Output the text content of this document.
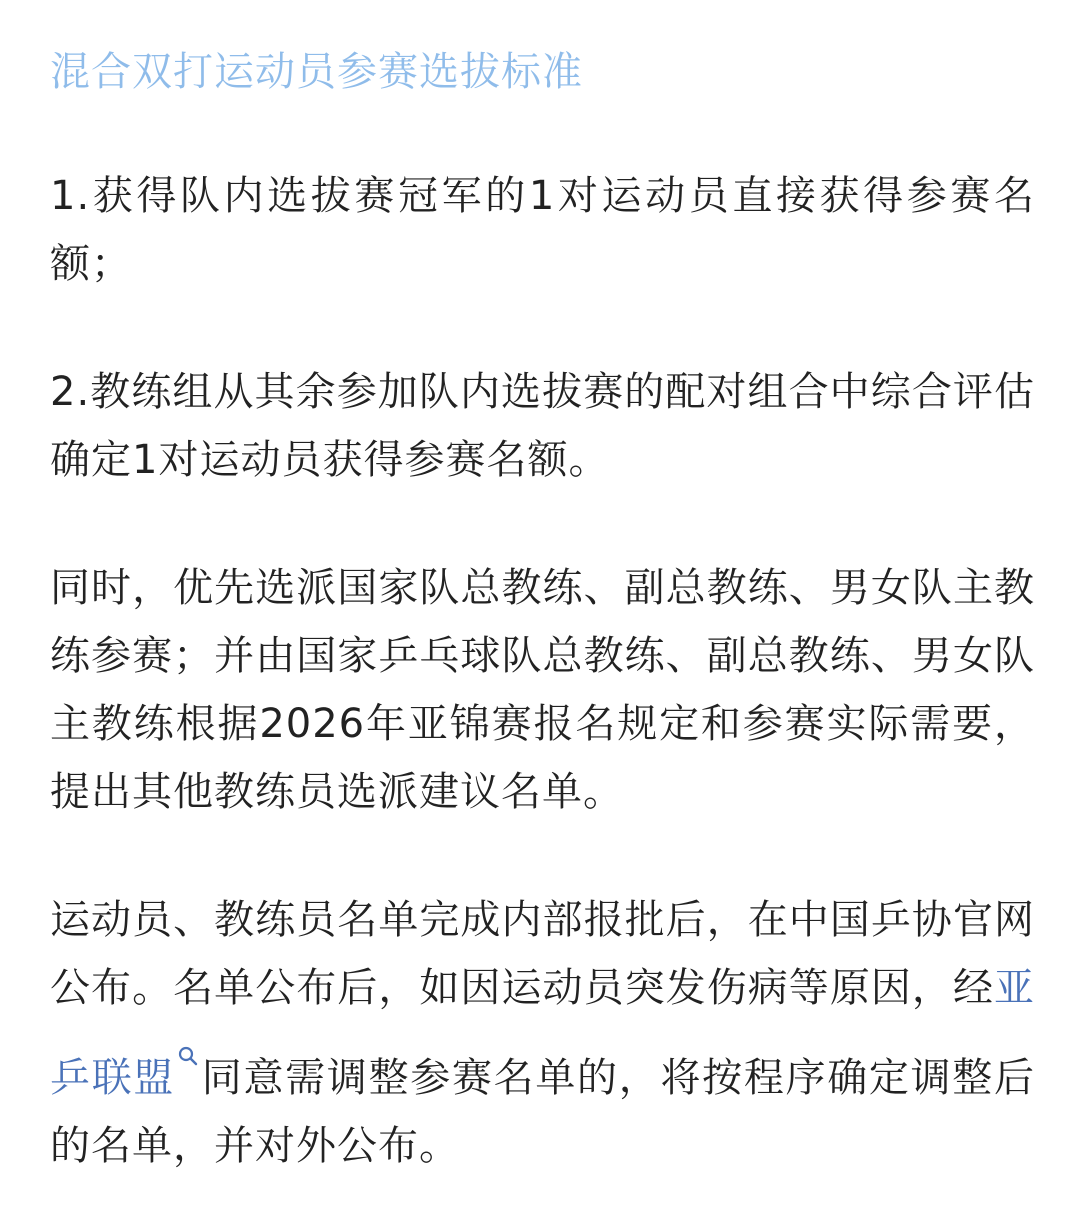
混合双打运动员参赛选拔标准
1.获得队内选拔赛冠军的1对运动员直接获得参赛名额；
2.教练组从其余参加队内选拔赛的配对组合中综合评估确定1对运动员获得参赛名额。
同时，优先选派国家队总教练、副总教练、男女队主教练参赛；并由国家乒乓球队总教练、副总教练、男女队主教练根据2026年亚锦赛报名规定和参赛实际需要，提出其他教练员选派建议名单。
运动员、教练员名单完成内部报批后，在中国乒协官网公布。名单公布后，如因运动员突发伤病等原因，经亚乒联盟 同意需调整参赛名单的，将按程序确定调整后的名单，并对外公布。
